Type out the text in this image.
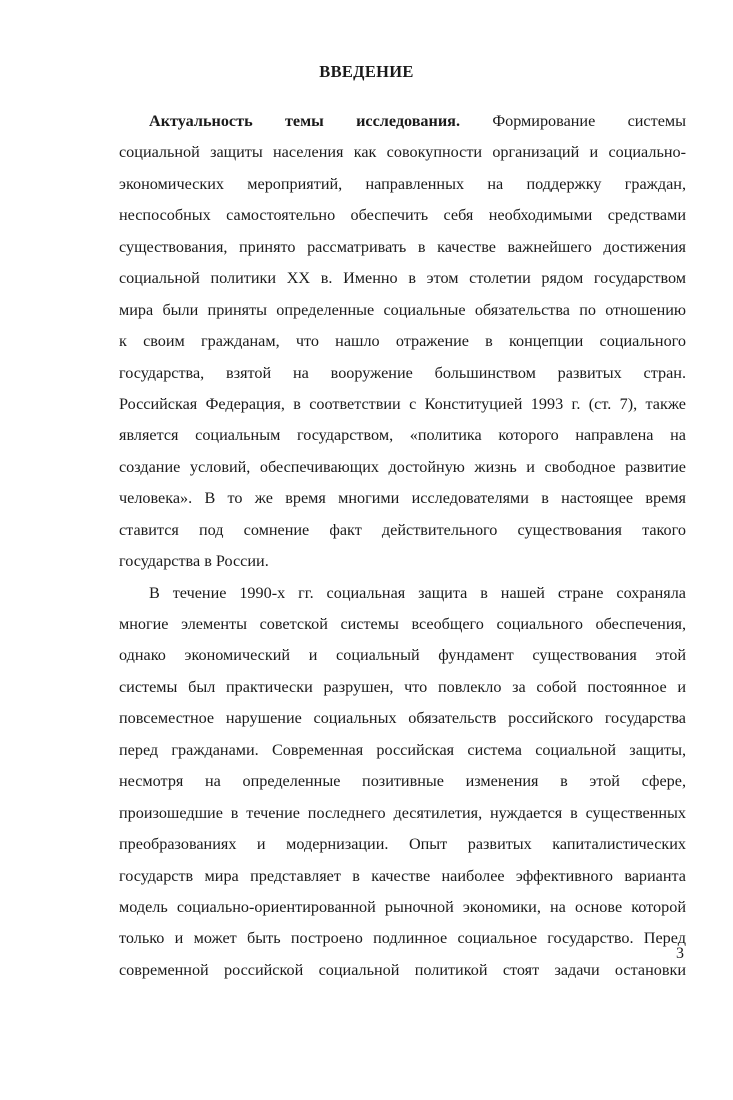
ВВЕДЕНИЕ
Актуальность темы исследования. Формирование системы
социальной защиты населения как совокупности организаций и социально-
экономических мероприятий, направленных на поддержку граждан,
неспособных самостоятельно обеспечить себя необходимыми средствами
существования, принято рассматривать в качестве важнейшего достижения
социальной политики XX в. Именно в этом столетии рядом государством
мира были приняты определенные социальные обязательства по отношению
к своим гражданам, что нашло отражение в концепции социального
государства, взятой на вооружение большинством развитых стран.
Российская Федерация, в соответствии с Конституцией 1993 г. (ст. 7), также
является социальным государством, «политика которого направлена на
создание условий, обеспечивающих достойную жизнь и свободное развитие
человека». В то же время многими исследователями в настоящее время
ставится под сомнение факт действительного существования такого
государства в России.
В течение 1990-х гг. социальная защита в нашей стране сохраняла
многие элементы советской системы всеобщего социального обеспечения,
однако экономический и социальный фундамент существования этой
системы был практически разрушен, что повлекло за собой постоянное и
повсеместное нарушение социальных обязательств российского государства
перед гражданами. Современная российская система социальной защиты,
несмотря на определенные позитивные изменения в этой сфере,
произошедшие в течение последнего десятилетия, нуждается в существенных
преобразованиях и модернизации. Опыт развитых капиталистических
государств мира представляет в качестве наиболее эффективного варианта
модель социально-ориентированной рыночной экономики, на основе которой
только и может быть построено подлинное социальное государство. Перед
современной российской социальной политикой стоят задачи остановки
3
